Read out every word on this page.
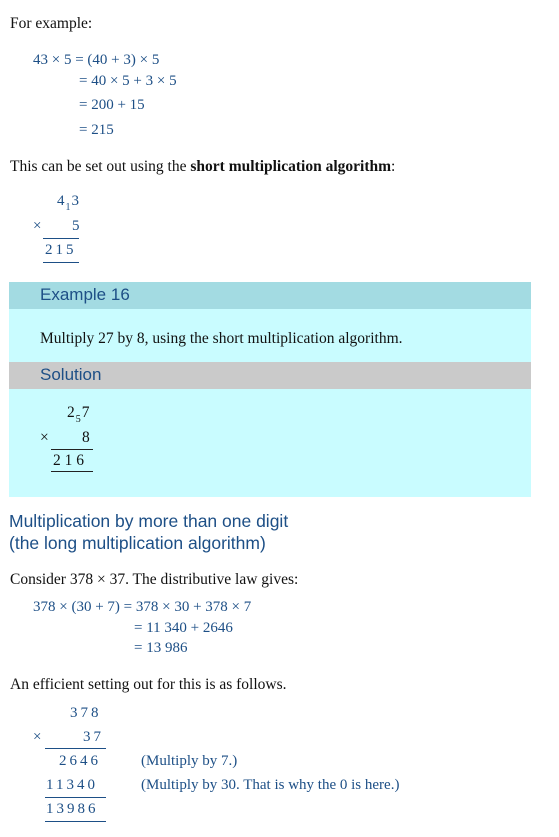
For example:
43 × 5 = (40 + 3) × 5
= 40 × 5 + 3 × 5
= 200 + 15
= 215
This can be set out using the short multiplication algorithm:
$4_13$
× 5
215
Example 16
Multiply 27 by 8, using the short multiplication algorithm.
Solution
$2_57$
× 8
2 1 6
Multiplication by more than one digit
(the long multiplication algorithm)
Consider 378 × 37. The distributive law gives:
378 × (30 + 7) = 378 × 30 + 378 × 7
= 11 340 + 2646
= 13 986
An efficient setting out for this is as follows.
378
×	37
2646	(Multiply by 7.)
11340	(Multiply by 30. That is why the 0 is here.)
13986
